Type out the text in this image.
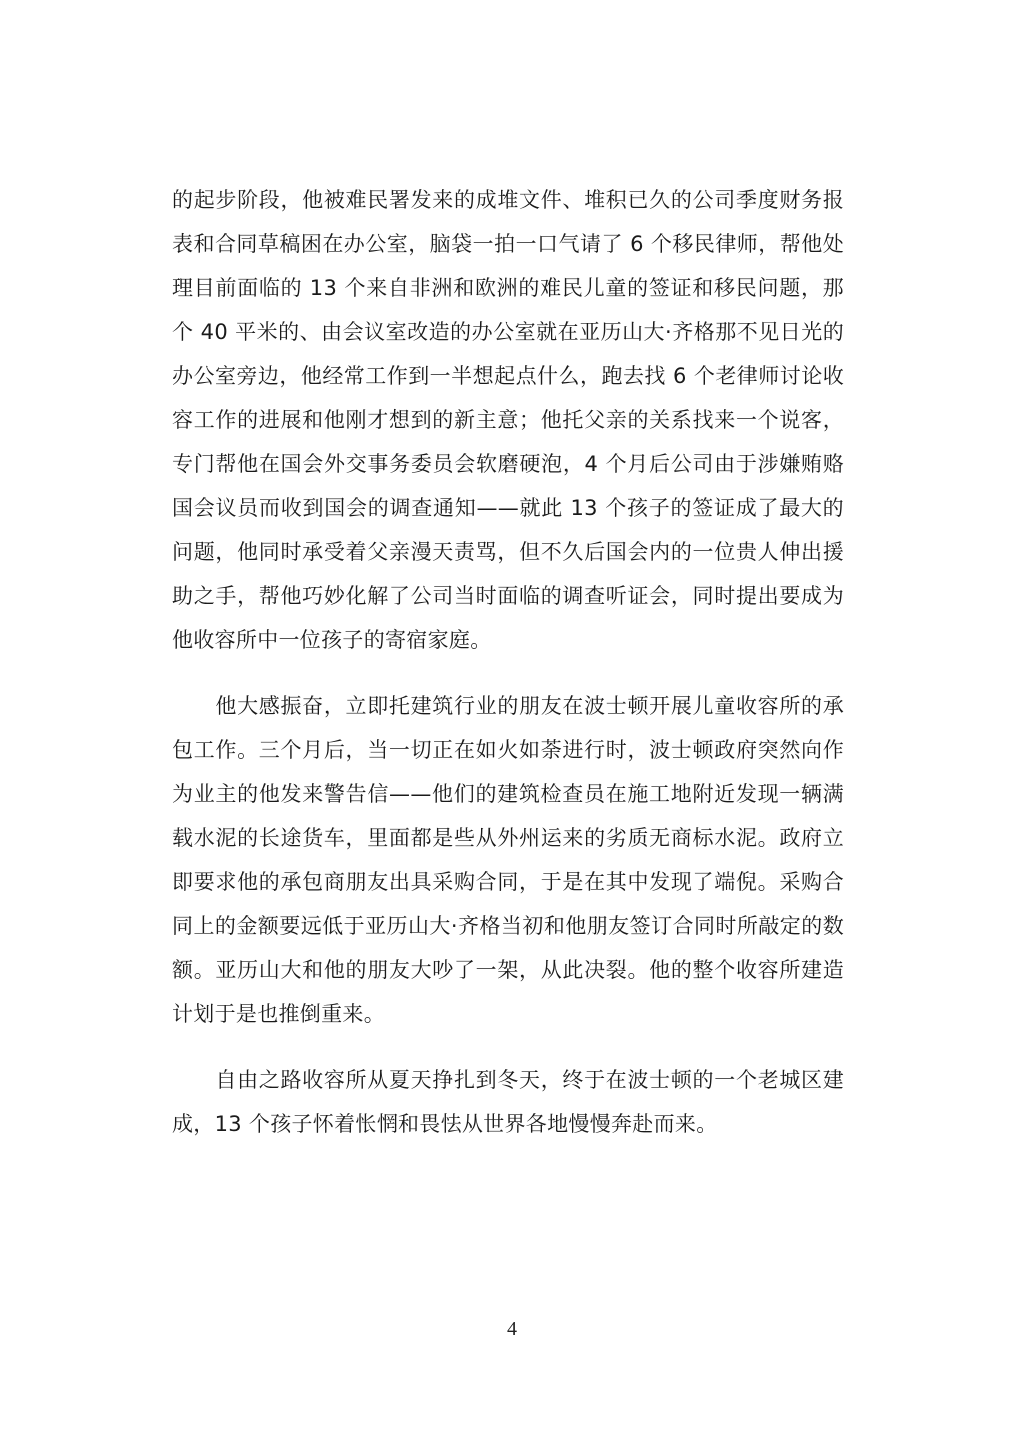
的起步阶段，他被难民署发来的成堆文件、堆积已久的公司季度财务报表和合同草稿困在办公室，脑袋一拍一口气请了 6 个移民律师，帮他处理目前面临的 13 个来自非洲和欧洲的难民儿童的签证和移民问题，那个 40 平米的、由会议室改造的办公室就在亚历山大·齐格那不见日光的办公室旁边，他经常工作到一半想起点什么，跑去找 6 个老律师讨论收容工作的进展和他刚才想到的新主意；他托父亲的关系找来一个说客，专门帮他在国会外交事务委员会软磨硬泡，4 个月后公司由于涉嫌贿赂国会议员而收到国会的调查通知——就此 13 个孩子的签证成了最大的问题，他同时承受着父亲漫天责骂，但不久后国会内的一位贵人伸出援助之手，帮他巧妙化解了公司当时面临的调查听证会，同时提出要成为他收容所中一位孩子的寄宿家庭。

　　他大感振奋，立即托建筑行业的朋友在波士顿开展儿童收容所的承包工作。三个月后，当一切正在如火如荼进行时，波士顿政府突然向作为业主的他发来警告信——他们的建筑检查员在施工地附近发现一辆满载水泥的长途货车，里面都是些从外州运来的劣质无商标水泥。政府立即要求他的承包商朋友出具采购合同，于是在其中发现了端倪。采购合同上的金额要远低于亚历山大·齐格当初和他朋友签订合同时所敲定的数额。亚历山大和他的朋友大吵了一架，从此决裂。他的整个收容所建造计划于是也推倒重来。

　　自由之路收容所从夏天挣扎到冬天，终于在波士顿的一个老城区建成，13 个孩子怀着怅惘和畏怯从世界各地慢慢奔赴而来。

4
